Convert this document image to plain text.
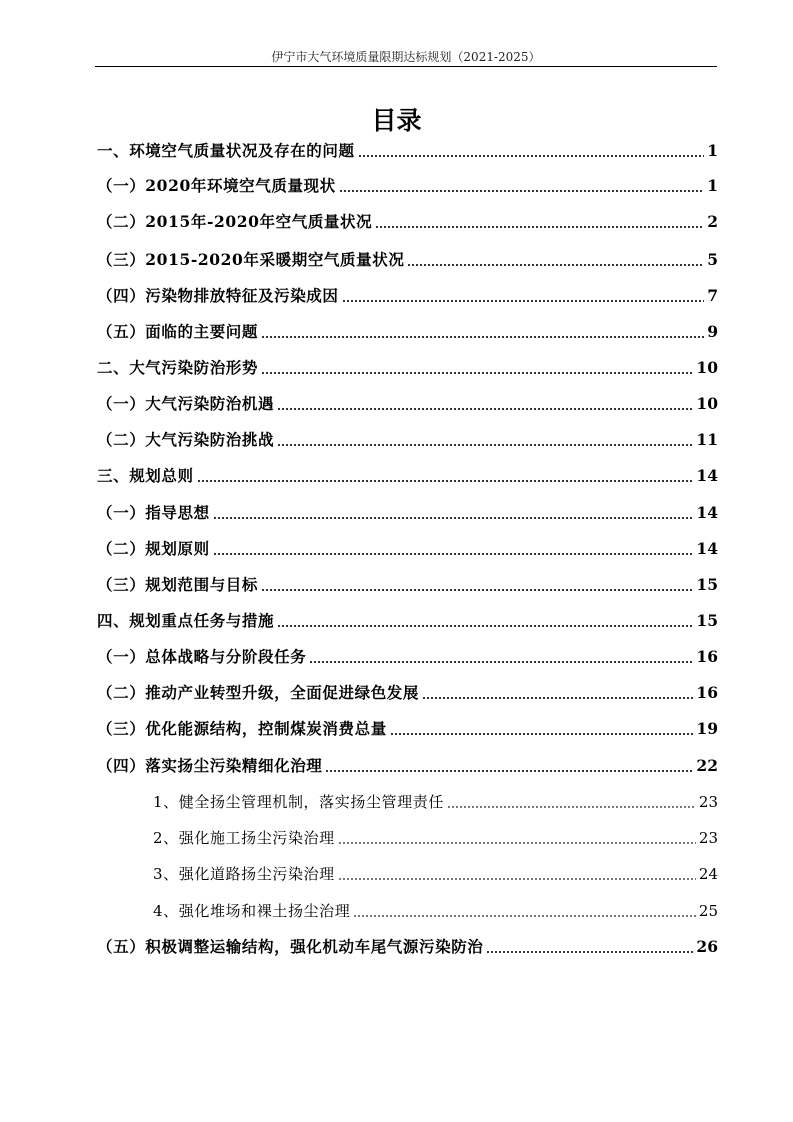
伊宁市大气环境质量限期达标规划（2021-2025）
目录
一、环境空气质量状况及存在的问题	1
（一）2020年环境空气质量现状	1
（二）2015年-2020年空气质量状况	2
（三）2015-2020年采暖期空气质量状况	5
（四）污染物排放特征及污染成因	7
（五）面临的主要问题	9
二、大气污染防治形势	10
（一）大气污染防治机遇	10
（二）大气污染防治挑战	11
三、规划总则	14
（一）指导思想	14
（二）规划原则	14
（三）规划范围与目标	15
四、规划重点任务与措施	15
（一）总体战略与分阶段任务	16
（二）推动产业转型升级，全面促进绿色发展	16
（三）优化能源结构，控制煤炭消费总量	19
（四）落实扬尘污染精细化治理	22
1、健全扬尘管理机制，落实扬尘管理责任	23
2、强化施工扬尘污染治理	23
3、强化道路扬尘污染治理	24
4、强化堆场和裸土扬尘治理	25
（五）积极调整运输结构，强化机动车尾气源污染防治	26
